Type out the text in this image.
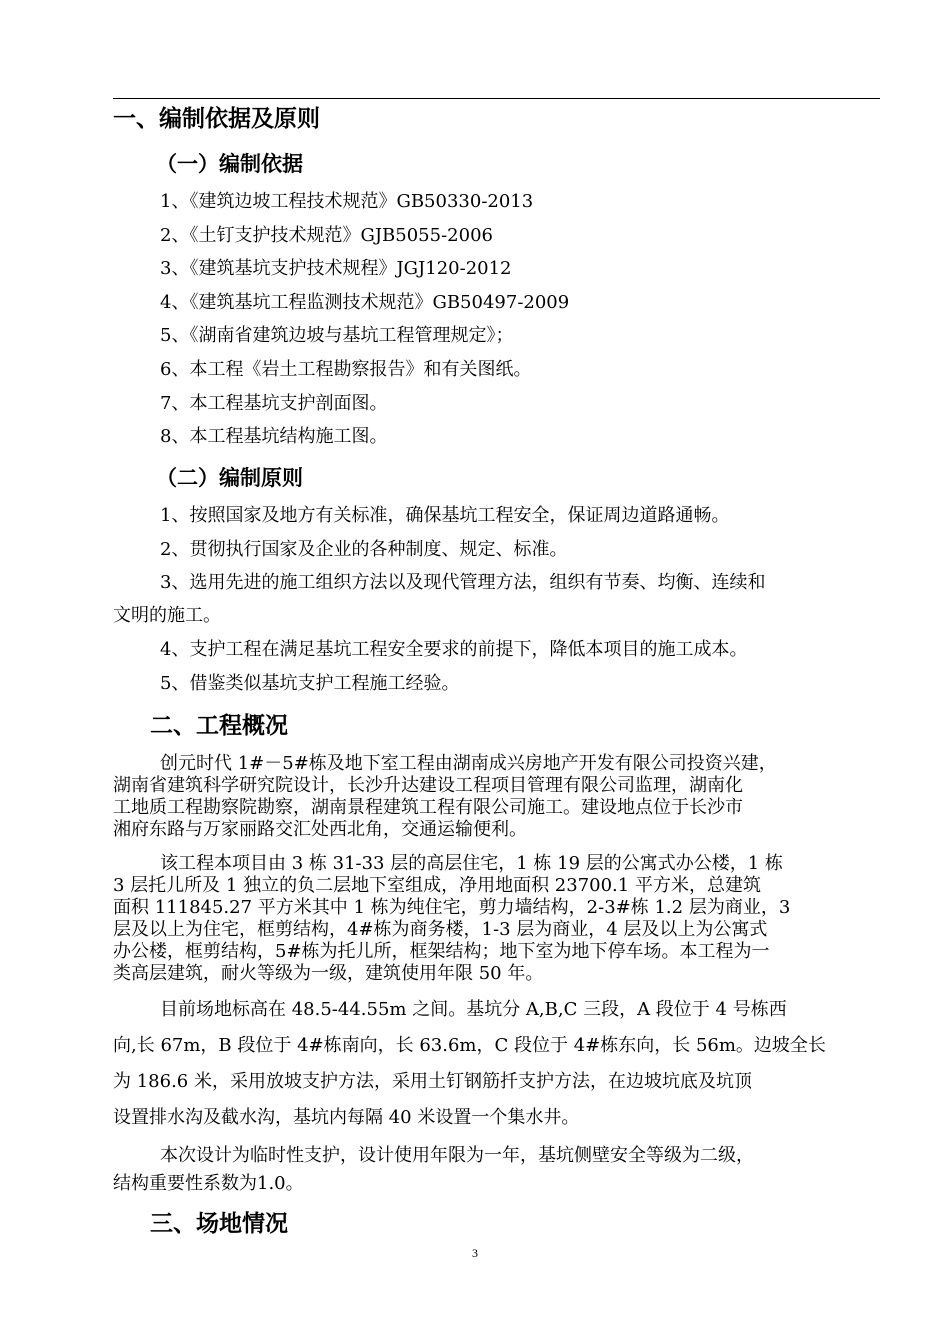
一、编制依据及原则
（一）编制依据
1、《建筑边坡工程技术规范》GB50330-2013
2、《土钉支护技术规范》GJB5055-2006
3、《建筑基坑支护技术规程》JGJ120-2012
4、《建筑基坑工程监测技术规范》GB50497-2009
5、《湖南省建筑边坡与基坑工程管理规定》；
6、本工程《岩土工程勘察报告》和有关图纸。
7、本工程基坑支护剖面图。
8、本工程基坑结构施工图。
（二）编制原则
1、按照国家及地方有关标准，确保基坑工程安全，保证周边道路通畅。
2、贯彻执行国家及企业的各种制度、规定、标准。
3、选用先进的施工组织方法以及现代管理方法，组织有节奏、均衡、连续和
文明的施工。
4、支护工程在满足基坑工程安全要求的前提下，降低本项目的施工成本。
5、借鉴类似基坑支护工程施工经验。
二、工程概况
创元时代 1#－5#栋及地下室工程由湖南成兴房地产开发有限公司投资兴建，
湖南省建筑科学研究院设计，长沙升达建设工程项目管理有限公司监理，湖南化
工地质工程勘察院勘察，湖南景程建筑工程有限公司施工。建设地点位于长沙市
湘府东路与万家丽路交汇处西北角，交通运输便利。
该工程本项目由 3 栋 31-33 层的高层住宅，1 栋 19 层的公寓式办公楼，1 栋
3 层托儿所及 1 独立的负二层地下室组成，净用地面积 23700.1 平方米，总建筑
面积 111845.27 平方米其中 1 栋为纯住宅，剪力墙结构，2-3#栋 1.2 层为商业，3
层及以上为住宅，框剪结构，4#栋为商务楼，1-3 层为商业，4 层及以上为公寓式
办公楼，框剪结构，5#栋为托儿所，框架结构；地下室为地下停车场。本工程为一
类高层建筑，耐火等级为一级，建筑使用年限 50 年。
目前场地标高在 48.5-44.55m 之间。基坑分 A,B,C 三段，A 段位于 4 号栋西
向,长 67m，B 段位于 4#栋南向，长 63.6m，C 段位于 4#栋东向，长 56m。边坡全长
为 186.6 米，采用放坡支护方法，采用土钉钢筋扦支护方法，在边坡坑底及坑顶
设置排水沟及截水沟，基坑内每隔 40 米设置一个集水井。
本次设计为临时性支护，设计使用年限为一年，基坑侧壁安全等级为二级，
结构重要性系数为1.0。
三、场地情况
3
